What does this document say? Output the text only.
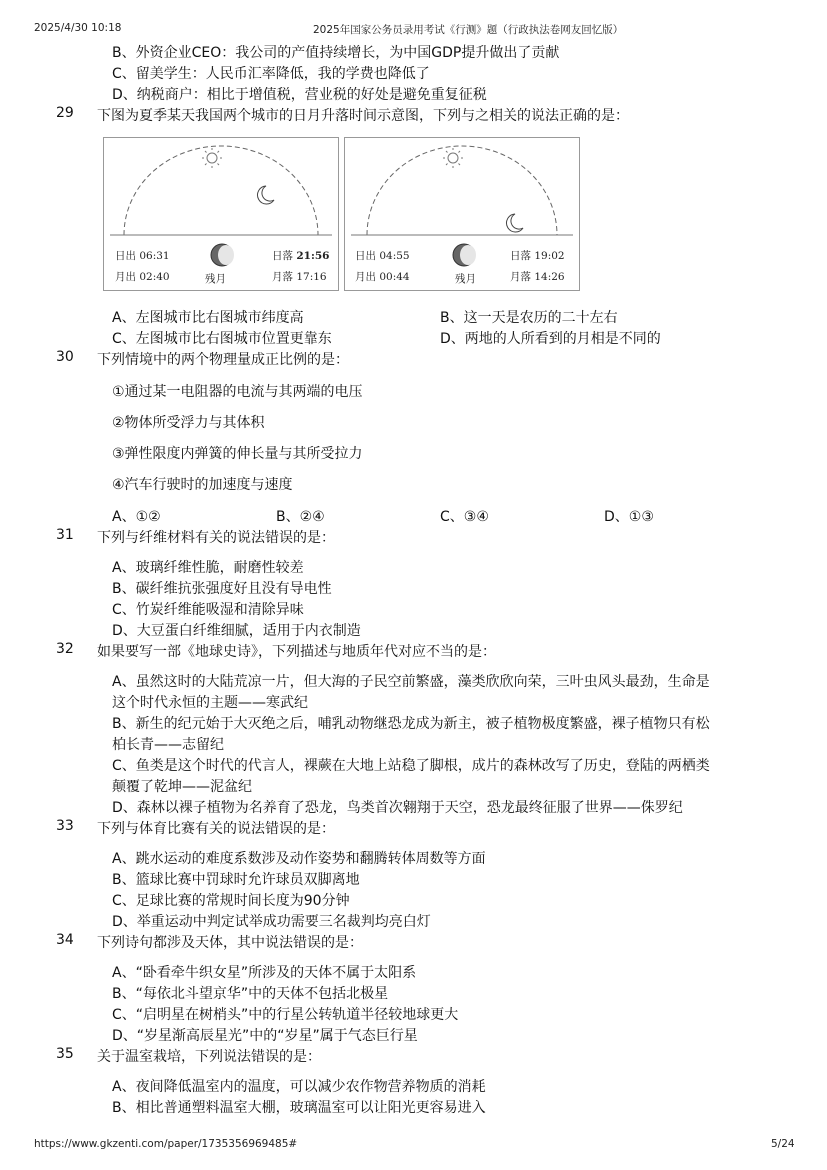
2025/4/30 10:18	2025年国家公务员录用考试《行测》题（行政执法卷网友回忆版）
https://www.gkzenti.com/paper/1735356969485#	5/24
B、外资企业CEO：我公司的产值持续增长，为中国GDP提升做出了贡献
C、留美学生：人民币汇率降低，我的学费也降低了
D、纳税商户：相比于增值税，营业税的好处是避免重复征税
29 下图为夏季某天我国两个城市的日月升落时间示意图，下列与之相关的说法正确的是：
日出 06:31
月出 02:40	残月
日落 21:56
月落 17:16
日出 04:55
月出 00:44	残月
日落 19:02
月落 14:26
A、左图城市比右图城市纬度高	B、这一天是农历的二十左右
C、左图城市比右图城市位置更靠东	D、两地的人所看到的月相是不同的
30 下列情境中的两个物理量成正比例的是：
①通过某一电阻器的电流与其两端的电压
②物体所受浮力与其体积
③弹性限度内弹簧的伸长量与其所受拉力
④汽车行驶时的加速度与速度
A、①②	B、②④	C、③④	D、①③
31 下列与纤维材料有关的说法错误的是：
A、玻璃纤维性脆，耐磨性较差
B、碳纤维抗张强度好且没有导电性
C、竹炭纤维能吸湿和清除异味
D、大豆蛋白纤维细腻，适用于内衣制造
32 如果要写一部《地球史诗》，下列描述与地质年代对应不当的是：
A、虽然这时的大陆荒凉一片，但大海的子民空前繁盛，藻类欣欣向荣，三叶虫风头最劲，生命是
这个时代永恒的主题——寒武纪
B、新生的纪元始于大灭绝之后，哺乳动物继恐龙成为新主，被子植物极度繁盛，裸子植物只有松
柏长青——志留纪
C、鱼类是这个时代的代言人，裸蕨在大地上站稳了脚根，成片的森林改写了历史，登陆的两栖类
颠覆了乾坤——泥盆纪
D、森林以裸子植物为名养育了恐龙，鸟类首次翱翔于天空，恐龙最终征服了世界——侏罗纪
33 下列与体育比赛有关的说法错误的是：
A、跳水运动的难度系数涉及动作姿势和翻腾转体周数等方面
B、篮球比赛中罚球时允许球员双脚离地
C、足球比赛的常规时间长度为90分钟
D、举重运动中判定试举成功需要三名裁判均亮白灯
34 下列诗句都涉及天体，其中说法错误的是：
A、“卧看牵牛织女星”所涉及的天体不属于太阳系
B、“每依北斗望京华”中的天体不包括北极星
C、“启明星在树梢头”中的行星公转轨道半径较地球更大
D、“岁星渐高辰星光”中的“岁星”属于气态巨行星
35 关于温室栽培，下列说法错误的是：
A、夜间降低温室内的温度，可以减少农作物营养物质的消耗
B、相比普通塑料温室大棚，玻璃温室可以让阳光更容易进入
